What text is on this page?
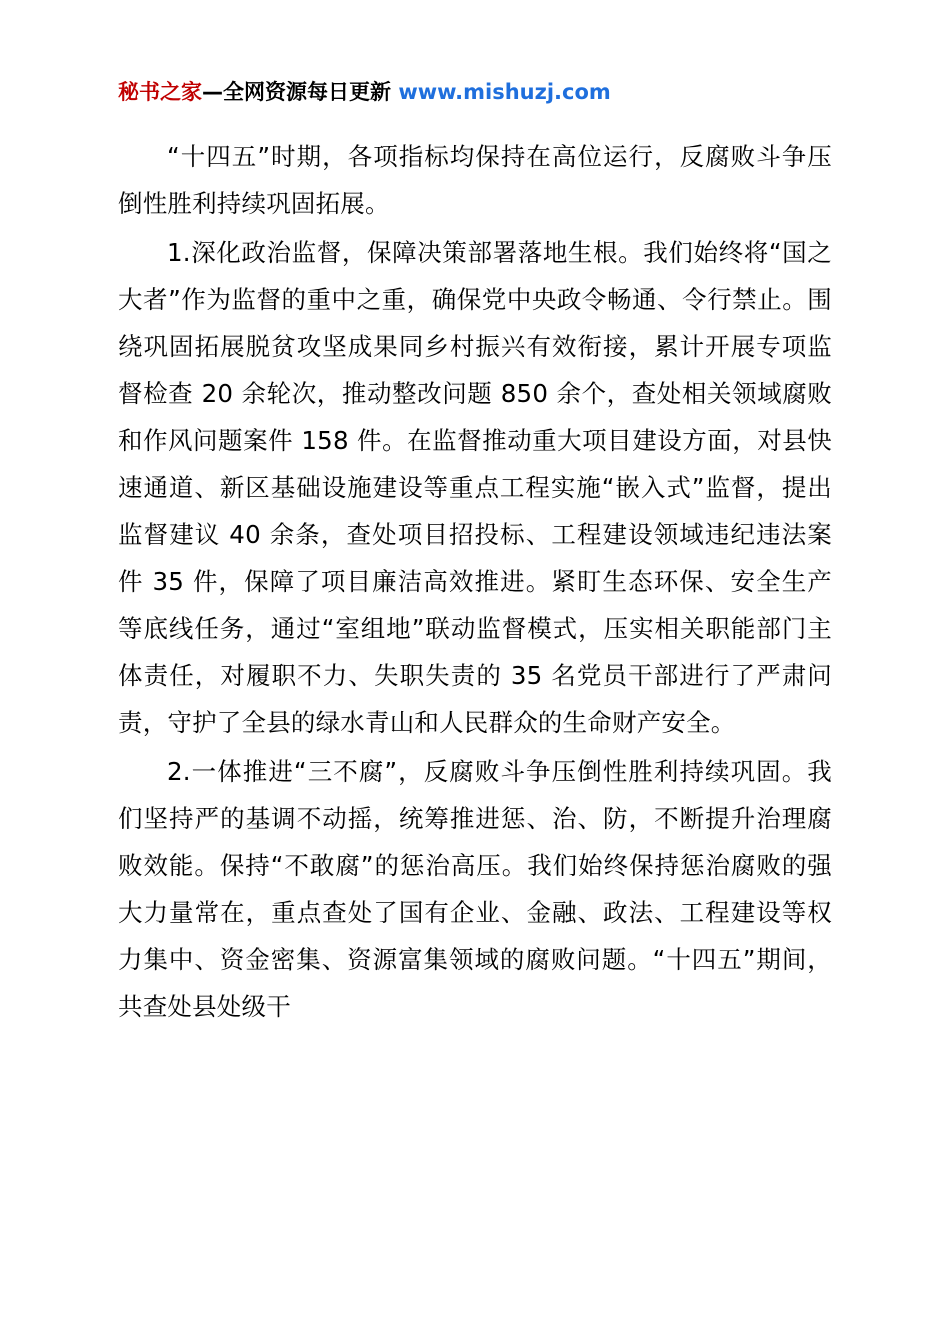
秘书之家—全网资源每日更新 www.mishuzj.com

“十四五”时期，各项指标均保持在高位运行，反腐败斗争压倒性胜利持续巩固拓展。

1.深化政治监督，保障决策部署落地生根。我们始终将“国之大者”作为监督的重中之重，确保党中央政令畅通、令行禁止。围绕巩固拓展脱贫攻坚成果同乡村振兴有效衔接，累计开展专项监督检查 20 余轮次，推动整改问题 850 余个，查处相关领域腐败和作风问题案件 158 件。在监督推动重大项目建设方面，对县快速通道、新区基础设施建设等重点工程实施“嵌入式”监督，提出监督建议 40 余条，查处项目招投标、工程建设领域违纪违法案件 35 件，保障了项目廉洁高效推进。紧盯生态环保、安全生产等底线任务，通过“室组地”联动监督模式，压实相关职能部门主体责任，对履职不力、失职失责的 35 名党员干部进行了严肃问责，守护了全县的绿水青山和人民群众的生命财产安全。

2.一体推进“三不腐”，反腐败斗争压倒性胜利持续巩固。我们坚持严的基调不动摇，统筹推进惩、治、防，不断提升治理腐败效能。保持“不敢腐”的惩治高压。我们始终保持惩治腐败的强大力量常在，重点查处了国有企业、金融、政法、工程建设等权力集中、资金密集、资源富集领域的腐败问题。“十四五”期间，共查处县处级干
